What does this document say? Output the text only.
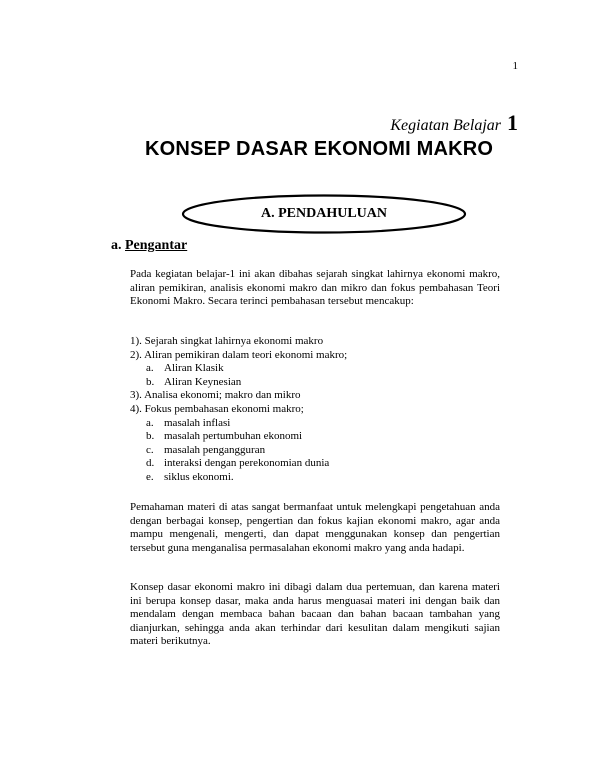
1
Kegiatan Belajar 1
KONSEP DASAR EKONOMI MAKRO
A. PENDAHULUAN
a. Pengantar

Pada kegiatan belajar-1 ini akan dibahas sejarah singkat lahirnya ekonomi makro, aliran pemikiran, analisis ekonomi makro dan mikro dan fokus pembahasan Teori Ekonomi Makro. Secara terinci pembahasan tersebut mencakup:

1). Sejarah singkat lahirnya ekonomi makro
2). Aliran pemikiran dalam teori ekonomi makro;
a. Aliran Klasik
b. Aliran Keynesian
3). Analisa ekonomi; makro dan mikro
4). Fokus pembahasan ekonomi makro;
a. masalah inflasi
b. masalah pertumbuhan ekonomi
c. masalah pengangguran
d. interaksi dengan perekonomian dunia
e. siklus ekonomi.

Pemahaman materi di atas sangat bermanfaat untuk melengkapi pengetahuan anda dengan berbagai konsep, pengertian dan fokus kajian ekonomi makro, agar anda mampu mengenali, mengerti, dan dapat menggunakan konsep dan pengertian tersebut guna menganalisa permasalahan ekonomi makro yang anda hadapi.

Konsep dasar ekonomi makro ini dibagi dalam dua pertemuan, dan karena materi ini berupa konsep dasar, maka anda harus menguasai materi ini dengan baik dan mendalam dengan membaca bahan bacaan dan bahan bacaan tambahan yang dianjurkan, sehingga anda akan terhindar dari kesulitan dalam mengikuti sajian materi berikutnya.
